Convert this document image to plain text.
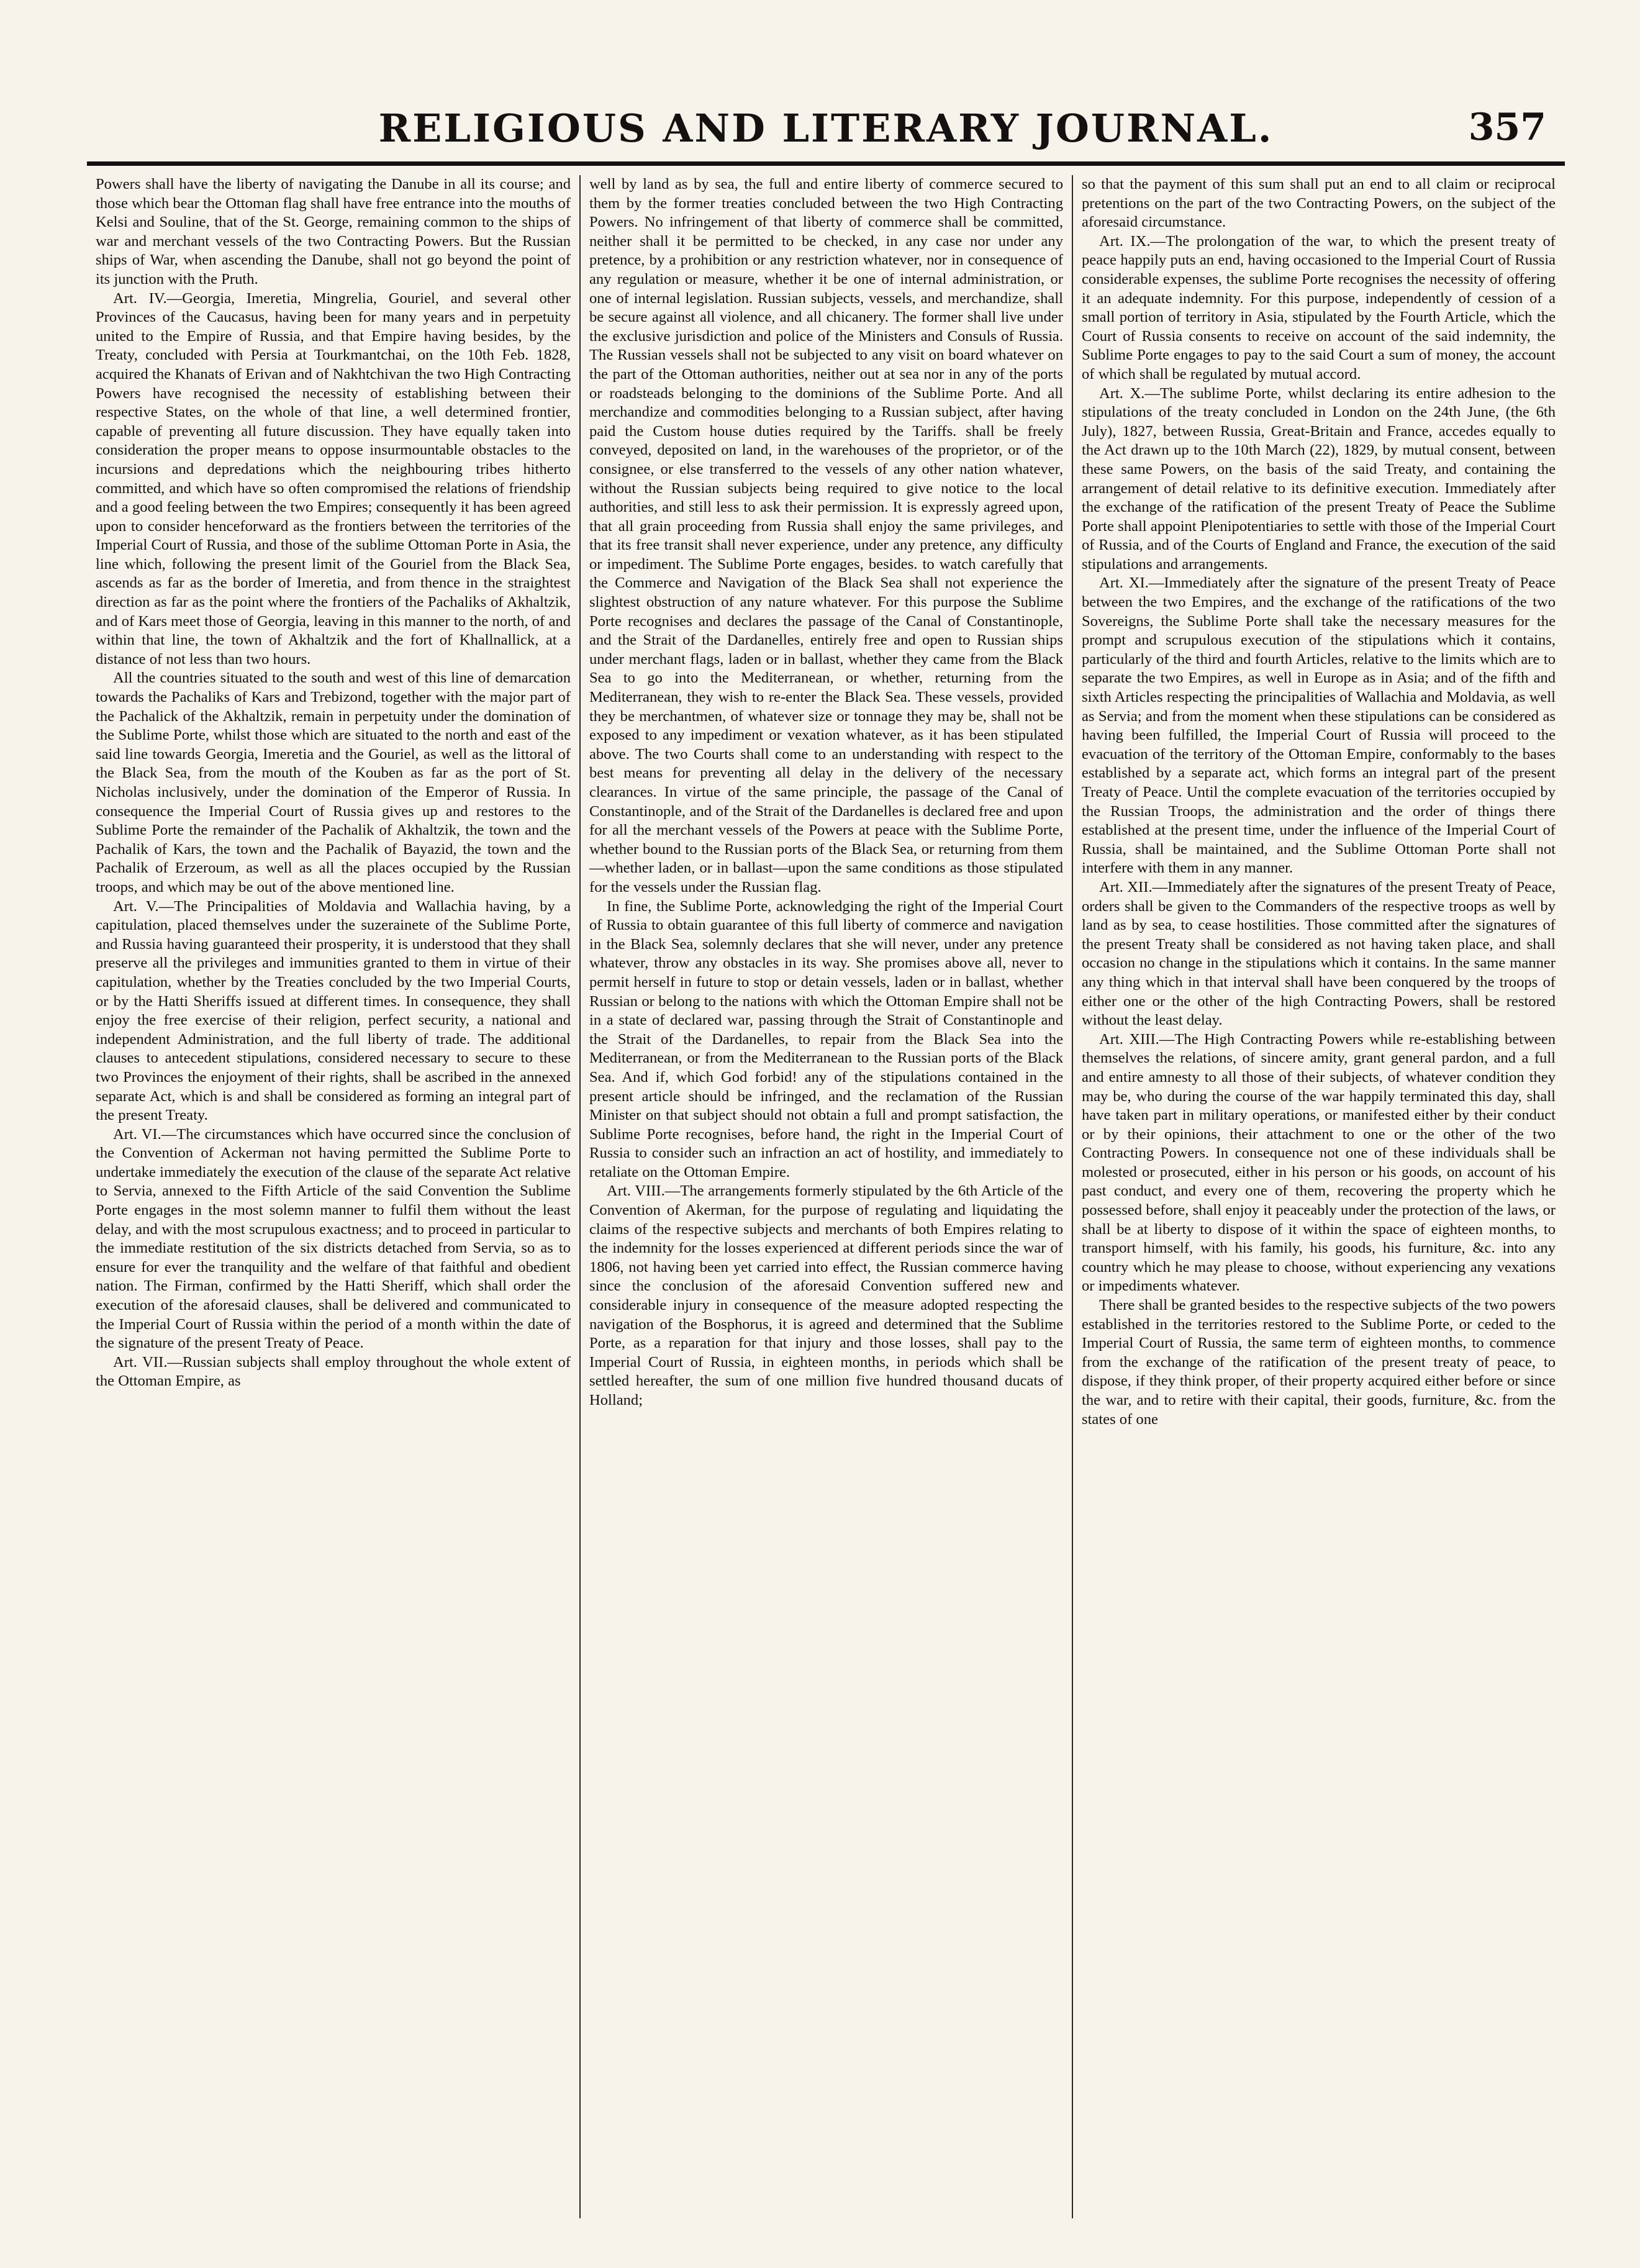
RELIGIOUS AND LITERARY JOURNAL.	357

Powers shall have the liberty of navigating the Danube in all its course; and those which bear the Ottoman flag shall have free entrance into the mouths of Kelsi and Souline, that of the St. George, remaining common to the ships of war and merchant vessels of the two Contracting Powers. But the Russian ships of War, when ascending the Danube, shall not go beyond the point of its junction with the Pruth.

Art. IV.—Georgia, Imeretia, Mingrelia, Gouriel, and several other Provinces of the Caucasus, having been for many years and in perpetuity united to the Empire of Russia, and that Empire having besides, by the Treaty, concluded with Persia at Tourkmantchai, on the 10th Feb. 1828, acquired the Khanats of Erivan and of Nakhtchivan the two High Contracting Powers have recognised the necessity of establishing between their respective States, on the whole of that line, a well determined frontier, capable of preventing all future discussion. They have equally taken into consideration the proper means to oppose insurmountable obstacles to the incursions and depredations which the neighbouring tribes hitherto committed, and which have so often compromised the relations of friendship and a good feeling between the two Empires; consequently it has been agreed upon to consider henceforward as the frontiers between the territories of the Imperial Court of Russia, and those of the sublime Ottoman Porte in Asia, the line which, following the present limit of the Gouriel from the Black Sea, ascends as far as the border of Imeretia, and from thence in the straightest direction as far as the point where the frontiers of the Pachaliks of Akhaltzik, and of Kars meet those of Georgia, leaving in this manner to the north, of and within that line, the town of Akhaltzik and the fort of Khallnallick, at a distance of not less than two hours.

All the countries situated to the south and west of this line of demarcation towards the Pachaliks of Kars and Trebizond, together with the major part of the Pachalick of the Akhaltzik, remain in perpetuity under the domination of the Sublime Porte, whilst those which are situated to the north and east of the said line towards Georgia, Imeretia and the Gouriel, as well as the littoral of the Black Sea, from the mouth of the Kouben as far as the port of St. Nicholas inclusively, under the domination of the Emperor of Russia. In consequence the Imperial Court of Russia gives up and restores to the Sublime Porte the remainder of the Pachalik of Akhaltzik, the town and the Pachalik of Kars, the town and the Pachalik of Bayazid, the town and the Pachalik of Erzeroum, as well as all the places occupied by the Russian troops, and which may be out of the above mentioned line.

Art. V.—The Principalities of Moldavia and Wallachia having, by a capitulation, placed themselves under the suzerainete of the Sublime Porte, and Russia having guaranteed their prosperity, it is understood that they shall preserve all the privileges and immunities granted to them in virtue of their capitulation, whether by the Treaties concluded by the two Imperial Courts, or by the Hatti Sheriffs issued at different times. In consequence, they shall enjoy the free exercise of their religion, perfect security, a national and independent Administration, and the full liberty of trade. The additional clauses to antecedent stipulations, considered necessary to secure to these two Provinces the enjoyment of their rights, shall be ascribed in the annexed separate Act, which is and shall be considered as forming an integral part of the present Treaty.

Art. VI.—The circumstances which have occurred since the conclusion of the Convention of Ackerman not having permitted the Sublime Porte to undertake immediately the execution of the clause of the separate Act relative to Servia, annexed to the Fifth Article of the said Convention the Sublime Porte engages in the most solemn manner to fulfil them without the least delay, and with the most scrupulous exactness; and to proceed in particular to the immediate restitution of the six districts detached from Servia, so as to ensure for ever the tranquility and the welfare of that faithful and obedient nation. The Firman, confirmed by the Hatti Sheriff, which shall order the execution of the aforesaid clauses, shall be delivered and communicated to the Imperial Court of Russia within the period of a month within the date of the signature of the present Treaty of Peace.

Art. VII.—Russian subjects shall employ throughout the whole extent of the Ottoman Empire, as

well by land as by sea, the full and entire liberty of commerce secured to them by the former treaties concluded between the two High Contracting Powers. No infringement of that liberty of commerce shall be committed, neither shall it be permitted to be checked, in any case nor under any pretence, by a prohibition or any restriction whatever, nor in consequence of any regulation or measure, whether it be one of internal administration, or one of internal legislation. Russian subjects, vessels, and merchandize, shall be secure against all violence, and all chicanery. The former shall live under the exclusive jurisdiction and police of the Ministers and Consuls of Russia. The Russian vessels shall not be subjected to any visit on board whatever on the part of the Ottoman authorities, neither out at sea nor in any of the ports or roadsteads belonging to the dominions of the Sublime Porte. And all merchandize and commodities belonging to a Russian subject, after having paid the Custom house duties required by the Tariffs. shall be freely conveyed, deposited on land, in the warehouses of the proprietor, or of the consignee, or else transferred to the vessels of any other nation whatever, without the Russian subjects being required to give notice to the local authorities, and still less to ask their permission. It is expressly agreed upon, that all grain proceeding from Russia shall enjoy the same privileges, and that its free transit shall never experience, under any pretence, any difficulty or impediment. The Sublime Porte engages, besides. to watch carefully that the Commerce and Navigation of the Black Sea shall not experience the slightest obstruction of any nature whatever. For this purpose the Sublime Porte recognises and declares the passage of the Canal of Constantinople, and the Strait of the Dardanelles, entirely free and open to Russian ships under merchant flags, laden or in ballast, whether they came from the Black Sea to go into the Mediterranean, or whether, returning from the Mediterranean, they wish to re-enter the Black Sea. These vessels, provided they be merchantmen, of whatever size or tonnage they may be, shall not be exposed to any impediment or vexation whatever, as it has been stipulated above. The two Courts shall come to an understanding with respect to the best means for preventing all delay in the delivery of the necessary clearances. In virtue of the same principle, the passage of the Canal of Constantinople, and of the Strait of the Dardanelles is declared free and upon for all the merchant vessels of the Powers at peace with the Sublime Porte, whether bound to the Russian ports of the Black Sea, or returning from them—whether laden, or in ballast—upon the same conditions as those stipulated for the vessels under the Russian flag.

In fine, the Sublime Porte, acknowledging the right of the Imperial Court of Russia to obtain guarantee of this full liberty of commerce and navigation in the Black Sea, solemnly declares that she will never, under any pretence whatever, throw any obstacles in its way. She promises above all, never to permit herself in future to stop or detain vessels, laden or in ballast, whether Russian or belong to the nations with which the Ottoman Empire shall not be in a state of declared war, passing through the Strait of Constantinople and the Strait of the Dardanelles, to repair from the Black Sea into the Mediterranean, or from the Mediterranean to the Russian ports of the Black Sea. And if, which God forbid! any of the stipulations contained in the present article should be infringed, and the reclamation of the Russian Minister on that subject should not obtain a full and prompt satisfaction, the Sublime Porte recognises, before hand, the right in the Imperial Court of Russia to consider such an infraction an act of hostility, and immediately to retaliate on the Ottoman Empire.

Art. VIII.—The arrangements formerly stipulated by the 6th Article of the Convention of Akerman, for the purpose of regulating and liquidating the claims of the respective subjects and merchants of both Empires relating to the indemnity for the losses experienced at different periods since the war of 1806, not having been yet carried into effect, the Russian commerce having since the conclusion of the aforesaid Convention suffered new and considerable injury in consequence of the measure adopted respecting the navigation of the Bosphorus, it is agreed and determined that the Sublime Porte, as a reparation for that injury and those losses, shall pay to the Imperial Court of Russia, in eighteen months, in periods which shall be settled hereafter, the sum of one million five hundred thousand ducats of Holland;

so that the payment of this sum shall put an end to all claim or reciprocal pretentions on the part of the two Contracting Powers, on the subject of the aforesaid circumstance.

Art. IX.—The prolongation of the war, to which the present treaty of peace happily puts an end, having occasioned to the Imperial Court of Russia considerable expenses, the sublime Porte recognises the necessity of offering it an adequate indemnity. For this purpose, independently of cession of a small portion of territory in Asia, stipulated by the Fourth Article, which the Court of Russia consents to receive on account of the said indemnity, the Sublime Porte engages to pay to the said Court a sum of money, the account of which shall be regulated by mutual accord.

Art. X.—The sublime Porte, whilst declaring its entire adhesion to the stipulations of the treaty concluded in London on the 24th June, (the 6th July), 1827, between Russia, Great-Britain and France, accedes equally to the Act drawn up to the 10th March (22), 1829, by mutual consent, between these same Powers, on the basis of the said Treaty, and containing the arrangement of detail relative to its definitive execution. Immediately after the exchange of the ratification of the present Treaty of Peace the Sublime Porte shall appoint Plenipotentiaries to settle with those of the Imperial Court of Russia, and of the Courts of England and France, the execution of the said stipulations and arrangements.

Art. XI.—Immediately after the signature of the present Treaty of Peace between the two Empires, and the exchange of the ratifications of the two Sovereigns, the Sublime Porte shall take the necessary measures for the prompt and scrupulous execution of the stipulations which it contains, particularly of the third and fourth Articles, relative to the limits which are to separate the two Empires, as well in Europe as in Asia; and of the fifth and sixth Articles respecting the principalities of Wallachia and Moldavia, as well as Servia; and from the moment when these stipulations can be considered as having been fulfilled, the Imperial Court of Russia will proceed to the evacuation of the territory of the Ottoman Empire, conformably to the bases established by a separate act, which forms an integral part of the present Treaty of Peace. Until the complete evacuation of the territories occupied by the Russian Troops, the administration and the order of things there established at the present time, under the influence of the Imperial Court of Russia, shall be maintained, and the Sublime Ottoman Porte shall not interfere with them in any manner.

Art. XII.—Immediately after the signatures of the present Treaty of Peace, orders shall be given to the Commanders of the respective troops as well by land as by sea, to cease hostilities. Those committed after the signatures of the present Treaty shall be considered as not having taken place, and shall occasion no change in the stipulations which it contains. In the same manner any thing which in that interval shall have been conquered by the troops of either one or the other of the high Contracting Powers, shall be restored without the least delay.

Art. XIII.—The High Contracting Powers while re-establishing between themselves the relations, of sincere amity, grant general pardon, and a full and entire amnesty to all those of their subjects, of whatever condition they may be, who during the course of the war happily terminated this day, shall have taken part in military operations, or manifested either by their conduct or by their opinions, their attachment to one or the other of the two Contracting Powers. In consequence not one of these individuals shall be molested or prosecuted, either in his person or his goods, on account of his past conduct, and every one of them, recovering the property which he possessed before, shall enjoy it peaceably under the protection of the laws, or shall be at liberty to dispose of it within the space of eighteen months, to transport himself, with his family, his goods, his furniture, &c. into any country which he may please to choose, without experiencing any vexations or impediments whatever.

There shall be granted besides to the respective subjects of the two powers established in the territories restored to the Sublime Porte, or ceded to the Imperial Court of Russia, the same term of eighteen months, to commence from the exchange of the ratification of the present treaty of peace, to dispose, if they think proper, of their property acquired either before or since the war, and to retire with their capital, their goods, furniture, &c. from the states of one
